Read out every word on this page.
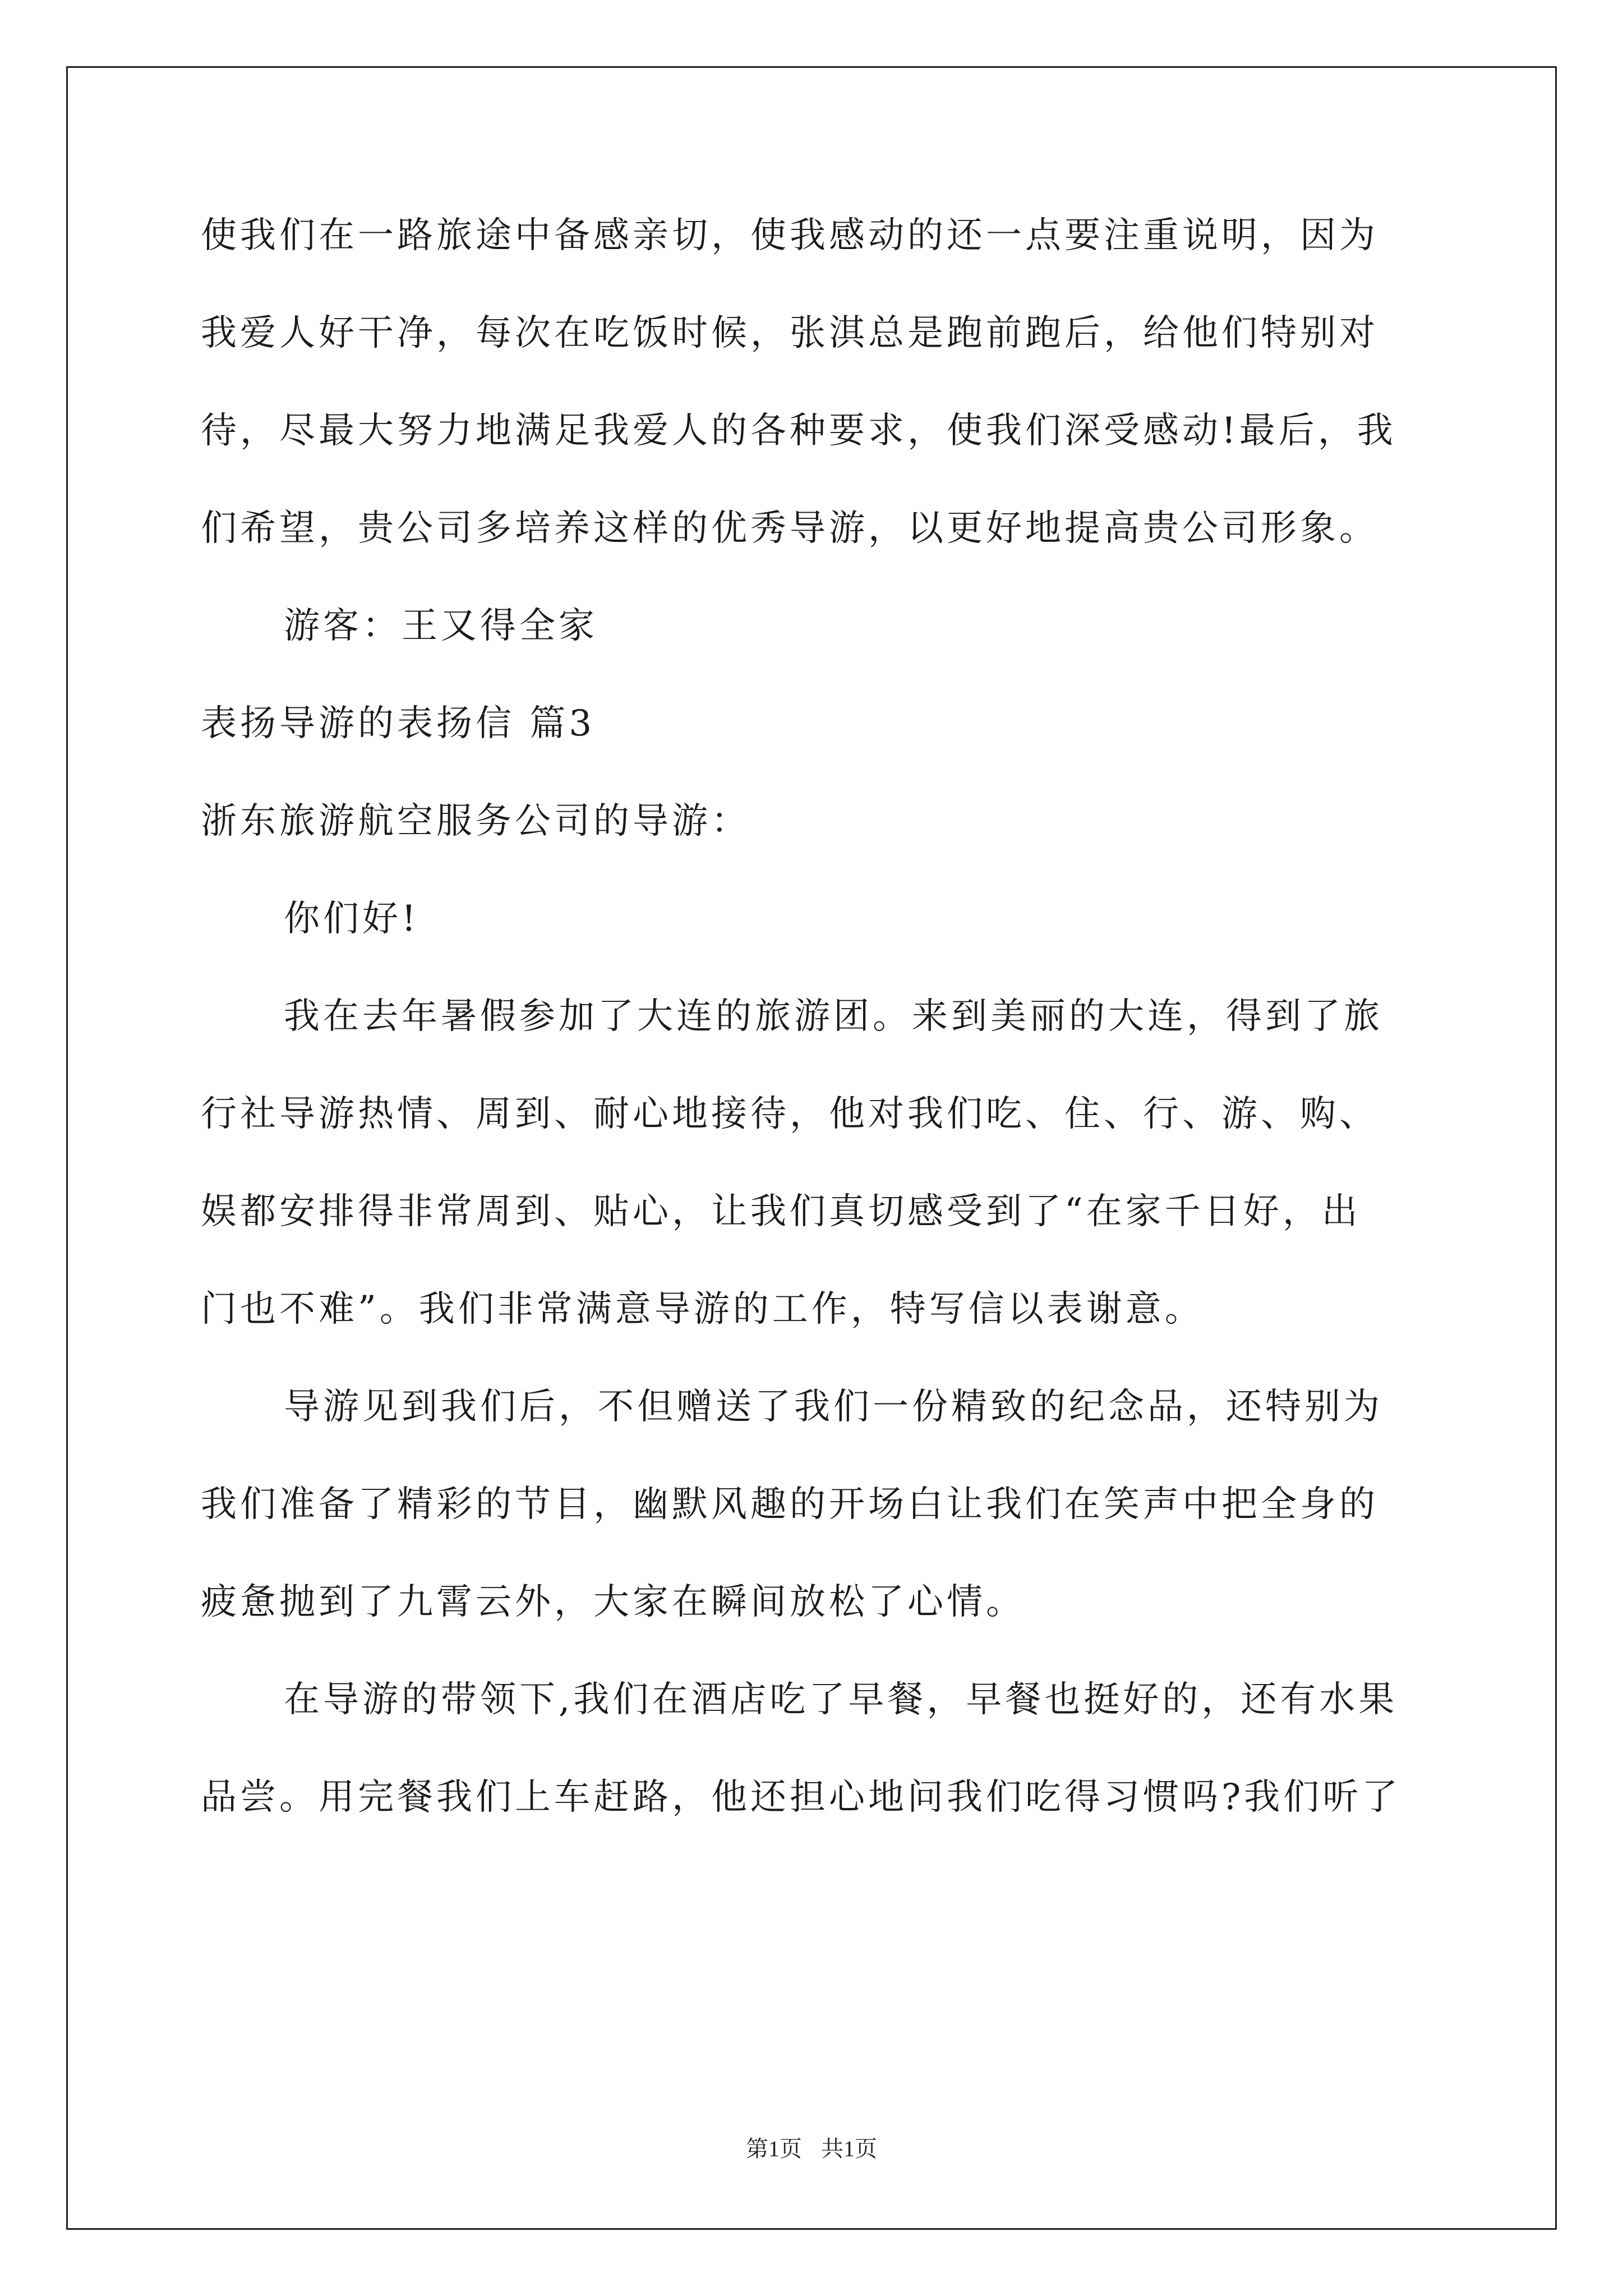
使我们在一路旅途中备感亲切，使我感动的还一点要注重说明，因为

我爱人好干净，每次在吃饭时候，张淇总是跑前跑后，给他们特别对

待，尽最大努力地满足我爱人的各种要求，使我们深受感动!最后，我

们希望，贵公司多培养这样的优秀导游，以更好地提高贵公司形象。

游客：王又得全家

表扬导游的表扬信 篇3

浙东旅游航空服务公司的导游：

你们好!

我在去年暑假参加了大连的旅游团。来到美丽的大连，得到了旅

行社导游热情、周到、耐心地接待，他对我们吃、住、行、游、购、

娱都安排得非常周到、贴心，让我们真切感受到了“在家千日好，出

门也不难”。我们非常满意导游的工作，特写信以表谢意。

导游见到我们后，不但赠送了我们一份精致的纪念品，还特别为

我们准备了精彩的节目，幽默风趣的开场白让我们在笑声中把全身的

疲惫抛到了九霄云外，大家在瞬间放松了心情。

在导游的带领下,我们在酒店吃了早餐，早餐也挺好的，还有水果

品尝。用完餐我们上车赶路，他还担心地问我们吃得习惯吗?我们听了

第1页 共1页
